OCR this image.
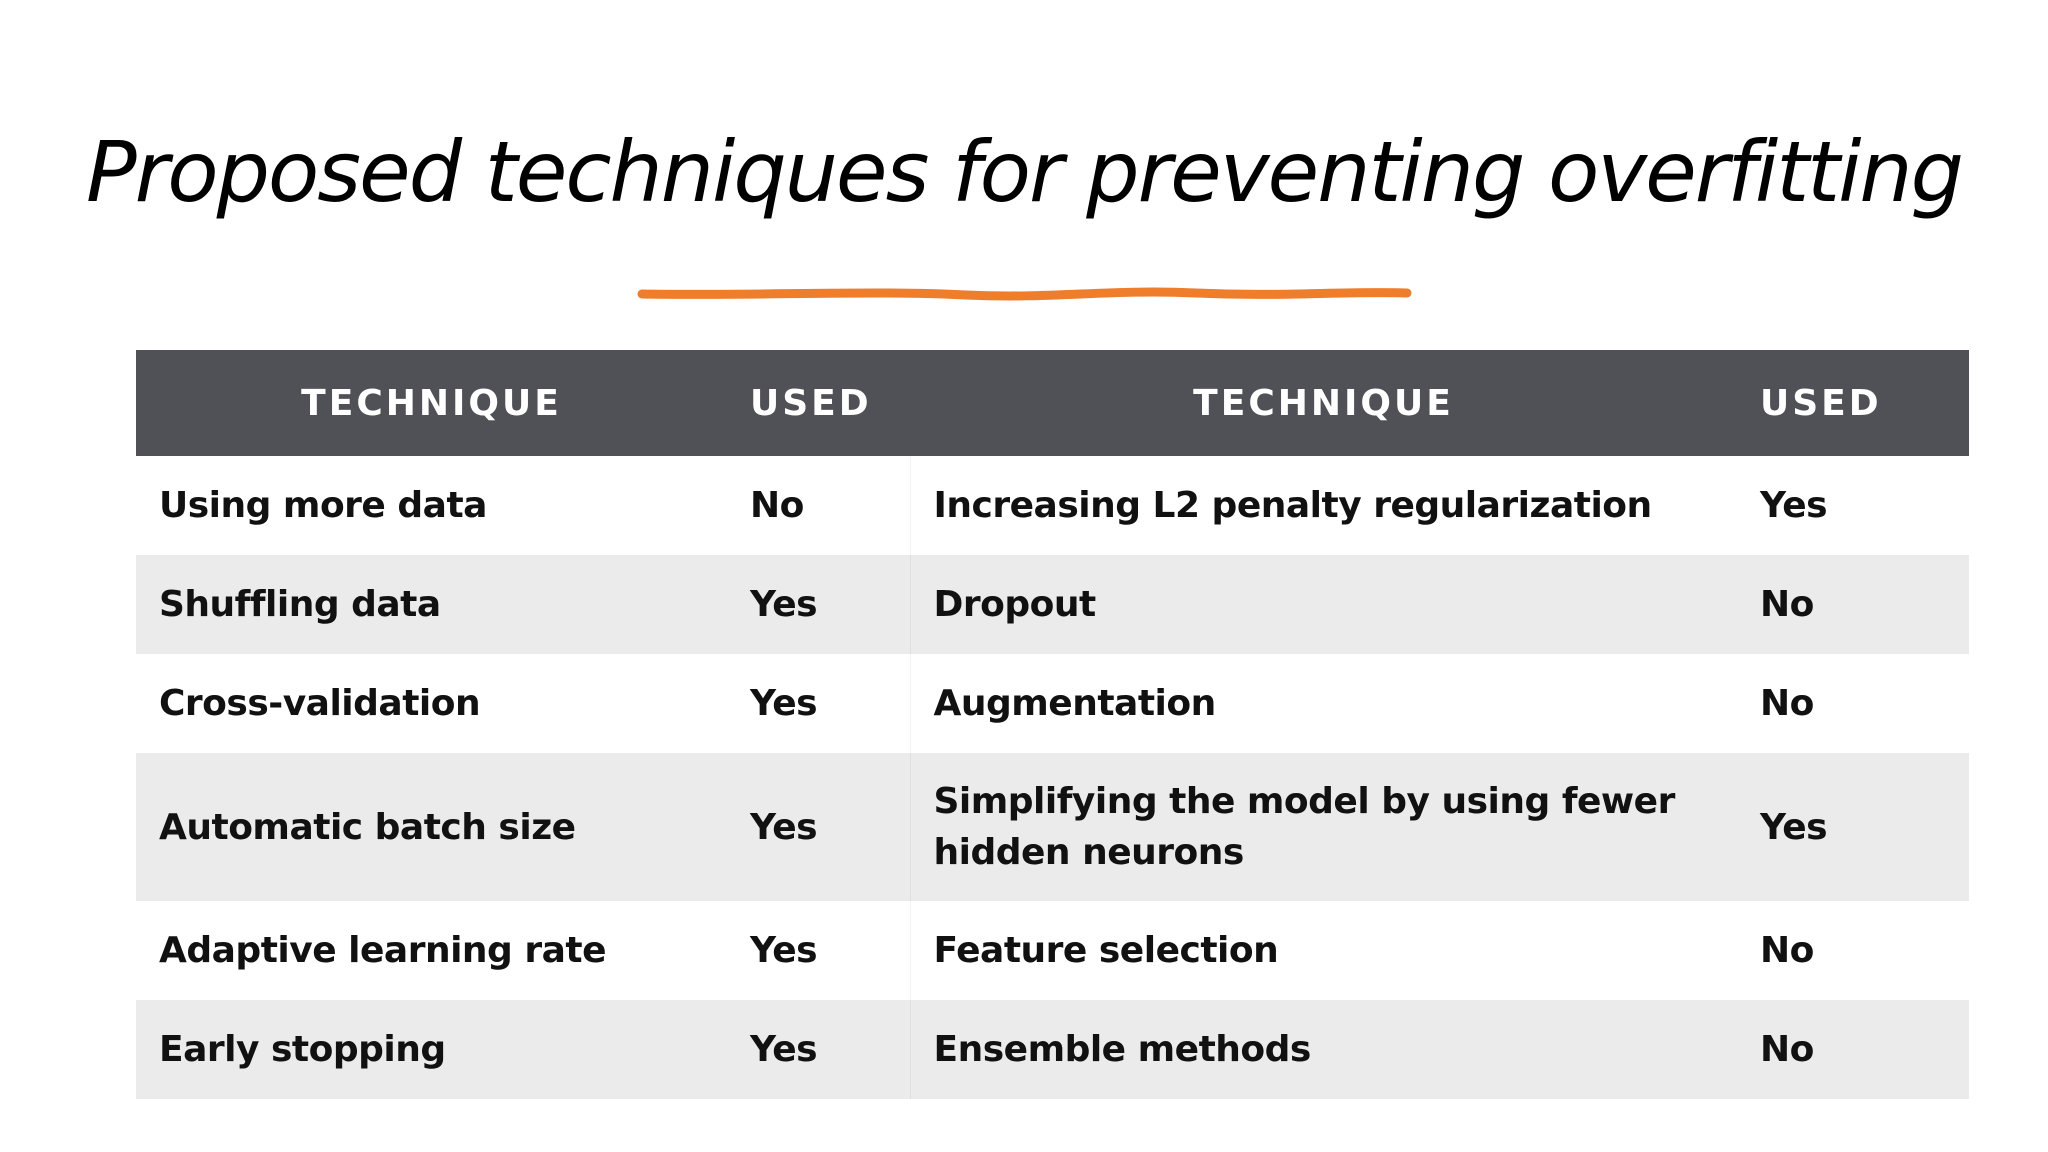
Proposed techniques for preventing overfitting
TECHNIQUE	USED	TECHNIQUE	USED
Using more data	No	Increasing L2 penalty regularization	Yes
Shuffling data	Yes	Dropout	No
Cross-validation	Yes	Augmentation	No
Automatic batch size	Yes	Simplifying the model by using fewer hidden neurons	Yes
Adaptive learning rate	Yes	Feature selection	No
Early stopping	Yes	Ensemble methods	No
